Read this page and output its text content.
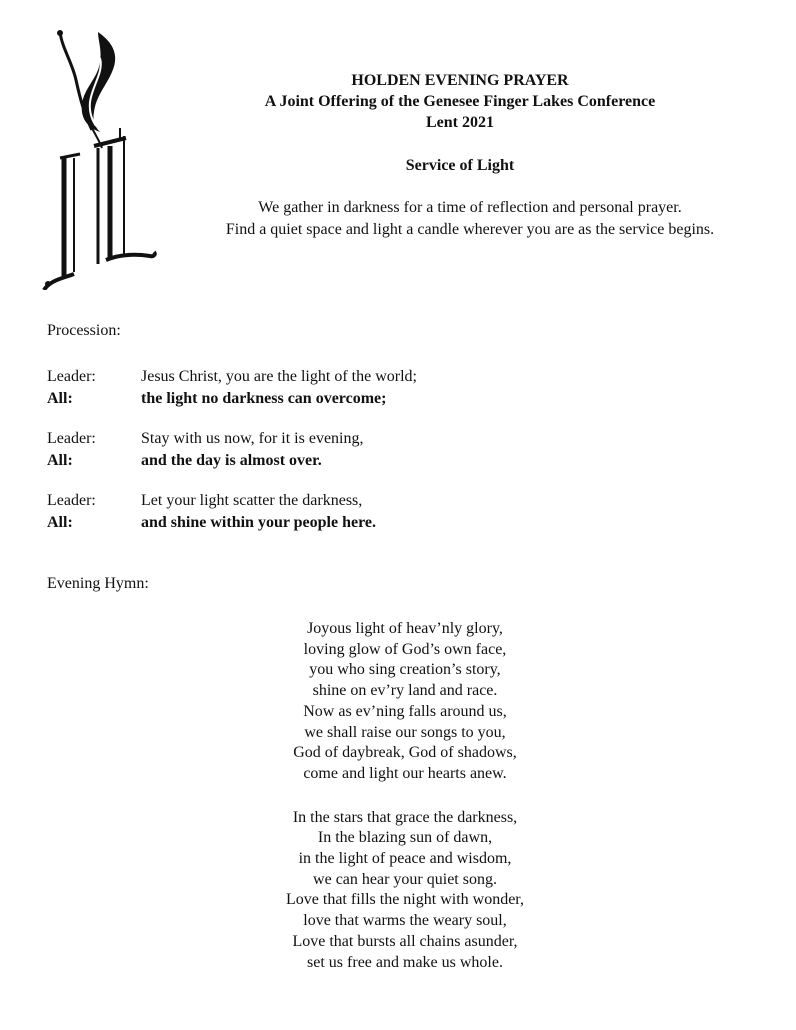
HOLDEN EVENING PRAYER
A Joint Offering of the Genesee Finger Lakes Conference
Lent 2021
Service of Light
We gather in darkness for a time of reflection and personal prayer.
Find a quiet space and light a candle wherever you are as the service begins.
Procession:
Leader:	Jesus Christ, you are the light of the world;
All:	the light no darkness can overcome;
Leader:	Stay with us now, for it is evening,
All:	and the day is almost over.
Leader:	Let your light scatter the darkness,
All:	and shine within your people here.
Evening Hymn:
Joyous light of heav’nly glory,
loving glow of God’s own face,
you who sing creation’s story,
shine on ev’ry land and race.
Now as ev’ning falls around us,
we shall raise our songs to you,
God of daybreak, God of shadows,
come and light our hearts anew.
In the stars that grace the darkness,
In the blazing sun of dawn,
in the light of peace and wisdom,
we can hear your quiet song.
Love that fills the night with wonder,
love that warms the weary soul,
Love that bursts all chains asunder,
set us free and make us whole.
